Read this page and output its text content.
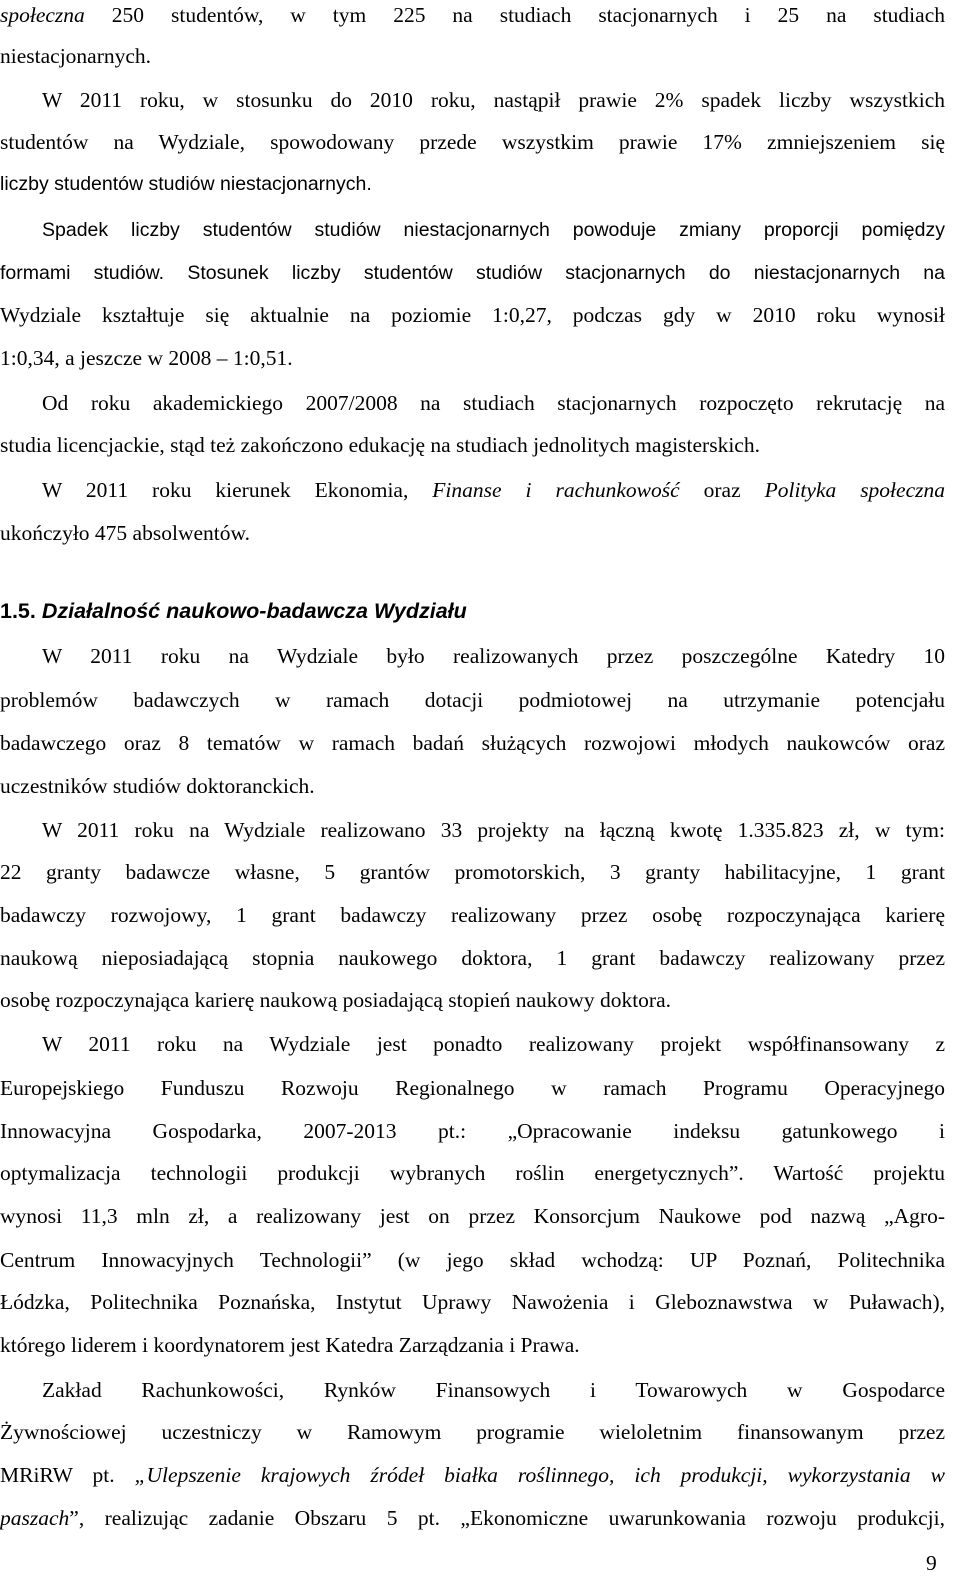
społeczna 250 studentów, w tym 225 na studiach stacjonarnych i 25 na studiach
niestacjonarnych.
W 2011 roku, w stosunku do 2010 roku, nastąpił prawie 2% spadek liczby wszystkich
studentów na Wydziale, spowodowany przede wszystkim prawie 17% zmniejszeniem się
liczby studentów studiów niestacjonarnych.
Spadek liczby studentów studiów niestacjonarnych powoduje zmiany proporcji pomiędzy
formami studiów. Stosunek liczby studentów studiów stacjonarnych do niestacjonarnych na
Wydziale kształtuje się aktualnie na poziomie 1:0,27, podczas gdy w 2010 roku wynosił
1:0,34, a jeszcze w 2008 – 1:0,51.
Od roku akademickiego 2007/2008 na studiach stacjonarnych rozpoczęto rekrutację na
studia licencjackie, stąd też zakończono edukację na studiach jednolitych magisterskich.
W 2011 roku kierunek Ekonomia, Finanse i rachunkowość oraz Polityka społeczna
ukończyło 475 absolwentów.
1.5. Działalność naukowo-badawcza Wydziału
W 2011 roku na Wydziale było realizowanych przez poszczególne Katedry 10
problemów badawczych w ramach dotacji podmiotowej na utrzymanie potencjału
badawczego oraz 8 tematów w ramach badań służących rozwojowi młodych naukowców oraz
uczestników studiów doktoranckich.
W 2011 roku na Wydziale realizowano 33 projekty na łączną kwotę 1.335.823 zł, w tym:
22 granty badawcze własne, 5 grantów promotorskich, 3 granty habilitacyjne, 1 grant
badawczy rozwojowy, 1 grant badawczy realizowany przez osobę rozpoczynająca karierę
naukową nieposiadającą stopnia naukowego doktora, 1 grant badawczy realizowany przez
osobę rozpoczynająca karierę naukową posiadającą stopień naukowy doktora.
W 2011 roku na Wydziale jest ponadto realizowany projekt współfinansowany z
Europejskiego Funduszu Rozwoju Regionalnego w ramach Programu Operacyjnego
Innowacyjna Gospodarka, 2007-2013 pt.: „Opracowanie indeksu gatunkowego i
optymalizacja technologii produkcji wybranych roślin energetycznych”. Wartość projektu
wynosi 11,3 mln zł, a realizowany jest on przez Konsorcjum Naukowe pod nazwą „Agro-
Centrum Innowacyjnych Technologii” (w jego skład wchodzą: UP Poznań, Politechnika
Łódzka, Politechnika Poznańska, Instytut Uprawy Nawożenia i Gleboznawstwa w Puławach),
którego liderem i koordynatorem jest Katedra Zarządzania i Prawa.
Zakład Rachunkowości, Rynków Finansowych i Towarowych w Gospodarce
Żywnościowej uczestniczy w Ramowym programie wieloletnim finansowanym przez
MRiRW pt. „Ulepszenie krajowych źródeł białka roślinnego, ich produkcji, wykorzystania w
paszach”, realizując zadanie Obszaru 5 pt. „Ekonomiczne uwarunkowania rozwoju produkcji,
9
